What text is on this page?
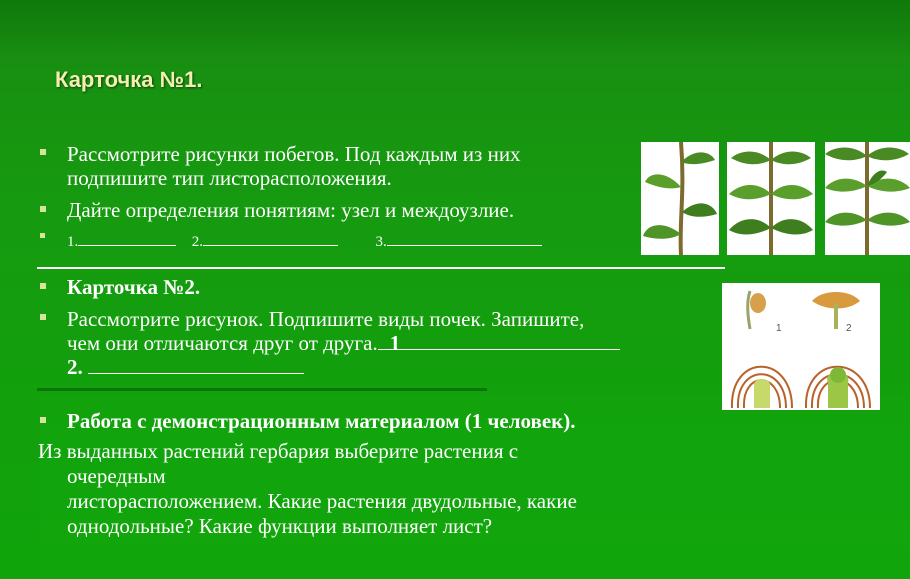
Карточка №1.
Рассмотрите рисунки побегов. Под каждым из них
подпишите тип листорасположения.
Дайте определения понятиям: узел и междоузлие.
1.	2.	3.
Карточка №2.
Рассмотрите рисунок. Подпишите виды почек. Запишите,
чем они отличаются друг от друга. 1
2.
1	2
Работа с демонстрационным материалом (1 человек).
Из выданных растений гербария выберите растения с
очередным
листорасположением. Какие растения двудольные, какие
однодольные? Какие функции выполняет лист?
